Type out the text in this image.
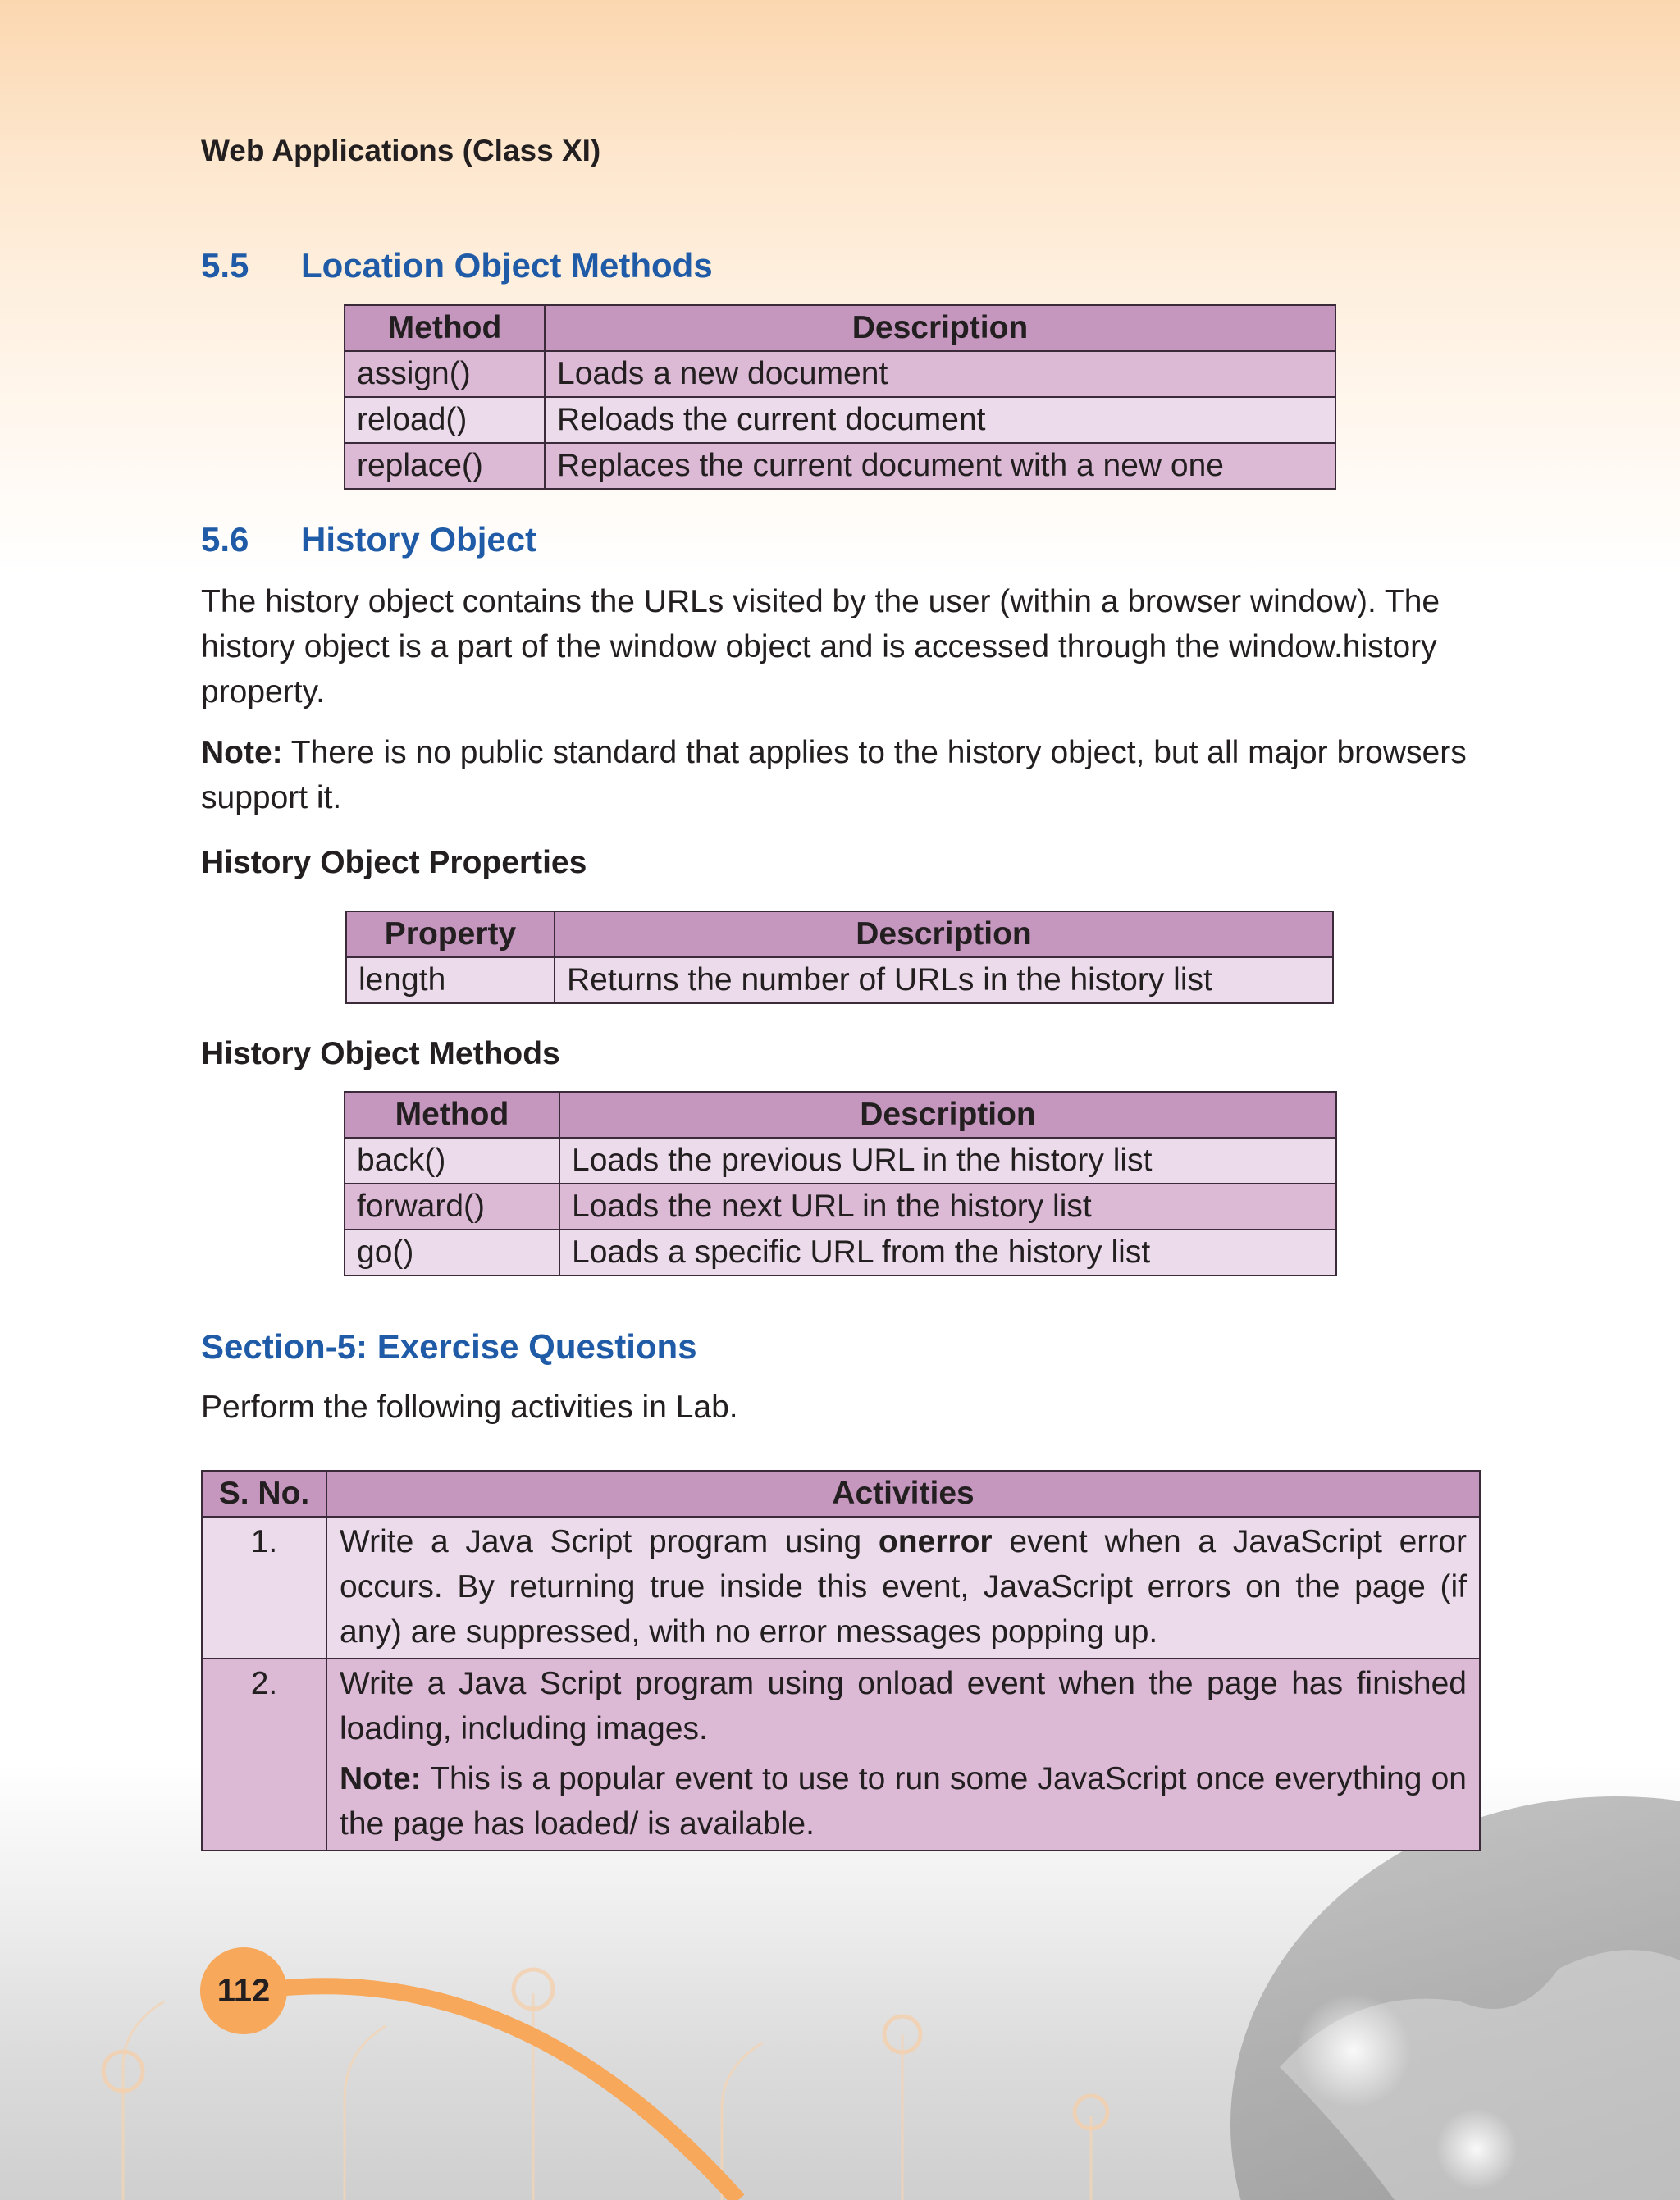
Web Applications (Class XI)
5.5 Location Object Methods
Method	Description
assign()	Loads a new document
reload()	Reloads the current document
replace()	Replaces the current document with a new one
5.6 History Object

The history object contains the URLs visited by the user (within a browser window). The history object is a part of the window object and is accessed through the window.history property.

Note: There is no public standard that applies to the history object, but all major browsers support it.

History Object Properties
Property	Description
length	Returns the number of URLs in the history list
History Object Methods
Method	Description
back()	Loads the previous URL in the history list
forward()	Loads the next URL in the history list
go()	Loads a specific URL from the history list
Section-5: Exercise Questions

Perform the following activities in Lab.

S. No.	Activities
1.	Write a Java Script program using onerror event when a JavaScript error occurs. By returning true inside this event, JavaScript errors on the page (if any) are suppressed, with no error messages popping up.
2.	Write a Java Script program using onload event when the page has finished loading, including images.

Note: This is a popular event to use to run some JavaScript once everything on the page has loaded/ is available.

112
